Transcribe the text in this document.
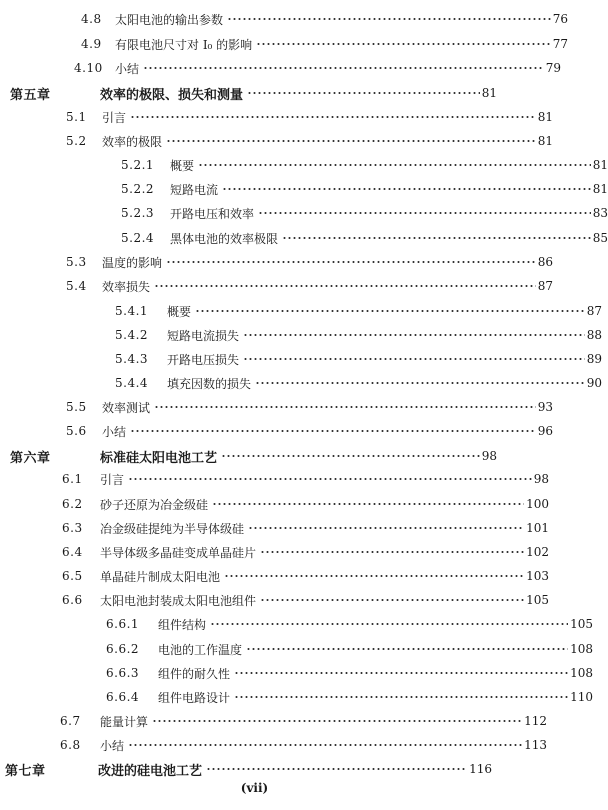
4.8 太阳电池的输出参数	76
4.9 有限电池尺寸对 I₀ 的影响	77
4.10 小结	79
第五章	效率的极限、损失和测量	81
5.1 引言	81
5.2 效率的极限	81
5.2.1 概要	81
5.2.2 短路电流	81
5.2.3 开路电压和效率	83
5.2.4 黑体电池的效率极限	85
5.3 温度的影响	86
5.4 效率损失	87
5.4.1 概要	87
5.4.2 短路电流损失	88
5.4.3 开路电压损失	89
5.4.4 填充因数的损失	90
5.5 效率测试	93
5.6 小结	96
第六章	标准硅太阳电池工艺	98
6.1 引言	98
6.2 砂子还原为冶金级硅	100
6.3 冶金级硅提纯为半导体级硅	101
6.4 半导体级多晶硅变成单晶硅片	102
6.5 单晶硅片制成太阳电池	103
6.6 太阳电池封装成太阳电池组件	105
6.6.1 组件结构	105
6.6.2 电池的工作温度	108
6.6.3 组件的耐久性	108
6.6.4 组件电路设计	110
6.7 能量计算	112
6.8 小结	113
第七章	改进的硅电池工艺	116
(vii)
